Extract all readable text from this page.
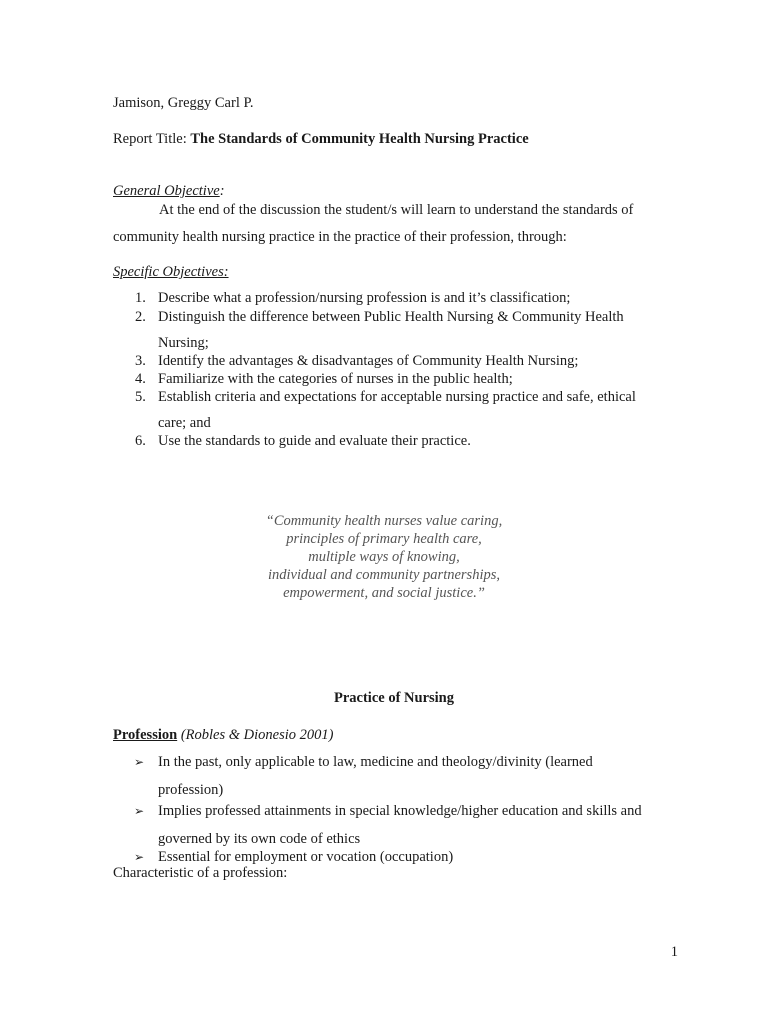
Jamison, Greggy Carl P.
Report Title: The Standards of Community Health Nursing Practice
General Objective:
At the end of the discussion the student/s will learn to understand the standards of
community health nursing practice in the practice of their profession, through:
Specific Objectives:
1. Describe what a profession/nursing profession is and it’s classification;
2. Distinguish the difference between Public Health Nursing & Community Health
Nursing;
3. Identify the advantages & disadvantages of Community Health Nursing;
4. Familiarize with the categories of nurses in the public health;
5. Establish criteria and expectations for acceptable nursing practice and safe, ethical
care; and
6. Use the standards to guide and evaluate their practice.
“Community health nurses value caring,
principles of primary health care,
multiple ways of knowing,
individual and community partnerships,
empowerment, and social justice.”
Practice of Nursing
Profession (Robles & Dionesio 2001)
➢ In the past, only applicable to law, medicine and theology/divinity (learned
profession)
➢ Implies professed attainments in special knowledge/higher education and skills and
governed by its own code of ethics
➢ Essential for employment or vocation (occupation)
Characteristic of a profession:
1
